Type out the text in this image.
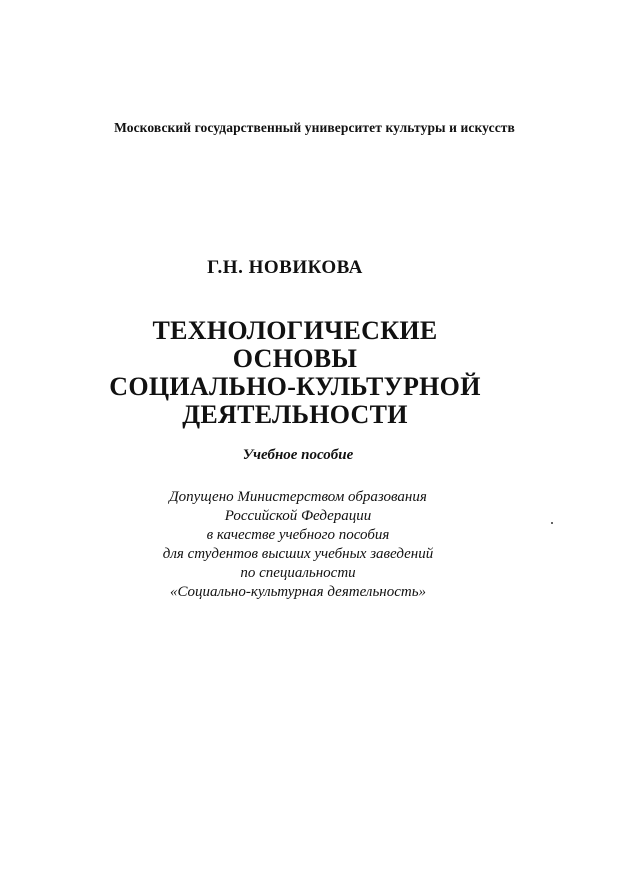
Московский государственный университет культуры и искусств
Г.Н. НОВИКОВА
ТЕХНОЛОГИЧЕСКИЕ
ОСНОВЫ
СОЦИАЛЬНО-КУЛЬТУРНОЙ
ДЕЯТЕЛЬНОСТИ
Учебное пособие
Допущено Министерством образования
Российской Федерации
в качестве учебного пособия
для студентов высших учебных заведений
по специальности
«Социально-культурная деятельность»
